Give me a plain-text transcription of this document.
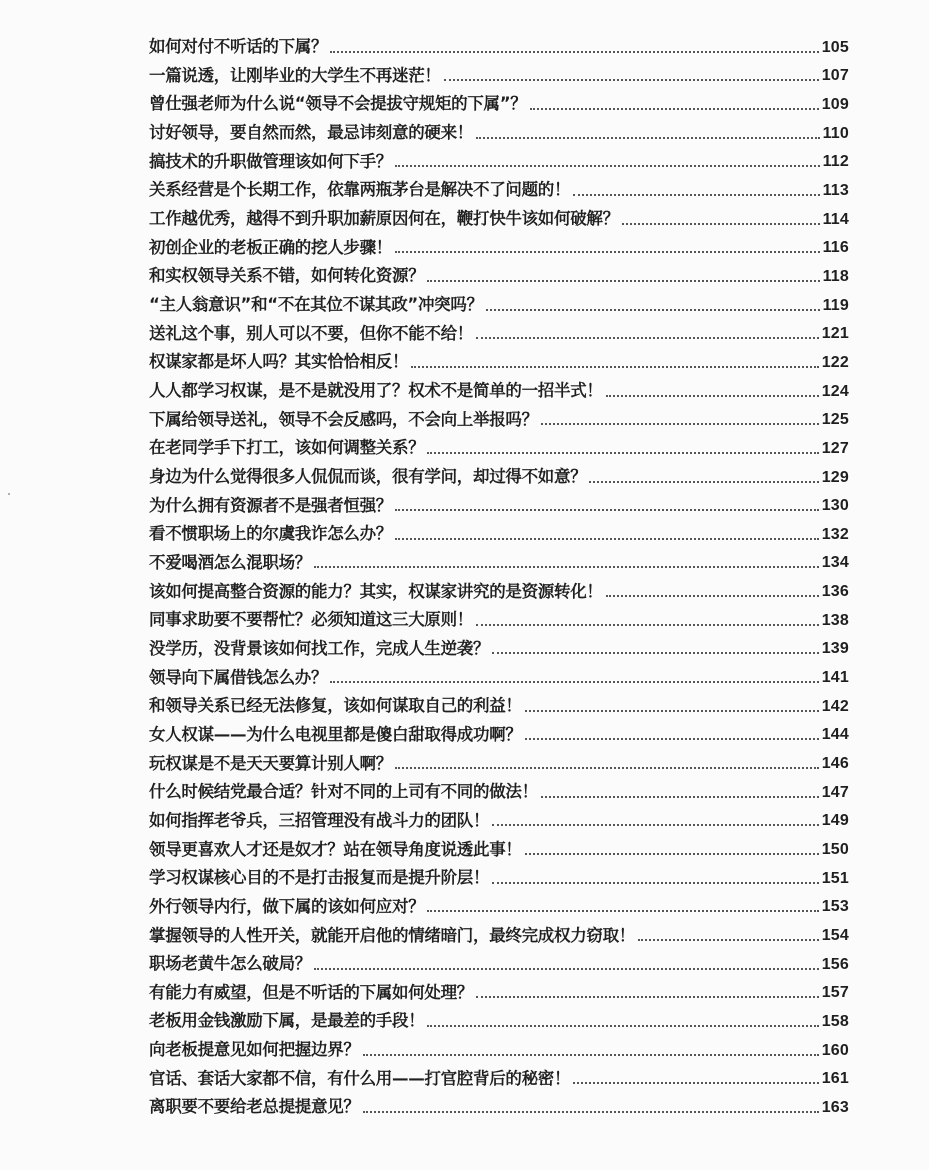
如何对付不听话的下属？	105
一篇说透，让刚毕业的大学生不再迷茫！	107
曾仕强老师为什么说“领导不会提拔守规矩的下属”？	109
讨好领导，要自然而然，最忌讳刻意的硬来！	110
搞技术的升职做管理该如何下手？	112
关系经营是个长期工作，依靠两瓶茅台是解决不了问题的！	113
工作越优秀，越得不到升职加薪原因何在，鞭打快牛该如何破解？	114
初创企业的老板正确的挖人步骤！	116
和实权领导关系不错，如何转化资源？	118
“主人翁意识”和“不在其位不谋其政”冲突吗？	119
送礼这个事，别人可以不要，但你不能不给！	121
权谋家都是坏人吗？其实恰恰相反！	122
人人都学习权谋，是不是就没用了？权术不是简单的一招半式！	124
下属给领导送礼，领导不会反感吗，不会向上举报吗？	125
在老同学手下打工，该如何调整关系？	127
身边为什么觉得很多人侃侃而谈，很有学问，却过得不如意？	129
为什么拥有资源者不是强者恒强？	130
看不惯职场上的尔虞我诈怎么办？	132
不爱喝酒怎么混职场？	134
该如何提高整合资源的能力？其实，权谋家讲究的是资源转化！	136
同事求助要不要帮忙？必须知道这三大原则！	138
没学历，没背景该如何找工作，完成人生逆袭？	139
领导向下属借钱怎么办？	141
和领导关系已经无法修复，该如何谋取自己的利益！	142
女人权谋——为什么电视里都是傻白甜取得成功啊？	144
玩权谋是不是天天要算计别人啊？	146
什么时候结党最合适？针对不同的上司有不同的做法！	147
如何指挥老爷兵，三招管理没有战斗力的团队！	149
领导更喜欢人才还是奴才？站在领导角度说透此事！	150
学习权谋核心目的不是打击报复而是提升阶层！	151
外行领导内行，做下属的该如何应对？	153
掌握领导的人性开关，就能开启他的情绪暗门，最终完成权力窃取！	154
职场老黄牛怎么破局？	156
有能力有威望，但是不听话的下属如何处理？	157
老板用金钱激励下属，是最差的手段！	158
向老板提意见如何把握边界？	160
官话、套话大家都不信，有什么用——打官腔背后的秘密！	161
离职要不要给老总提提意见？	163
